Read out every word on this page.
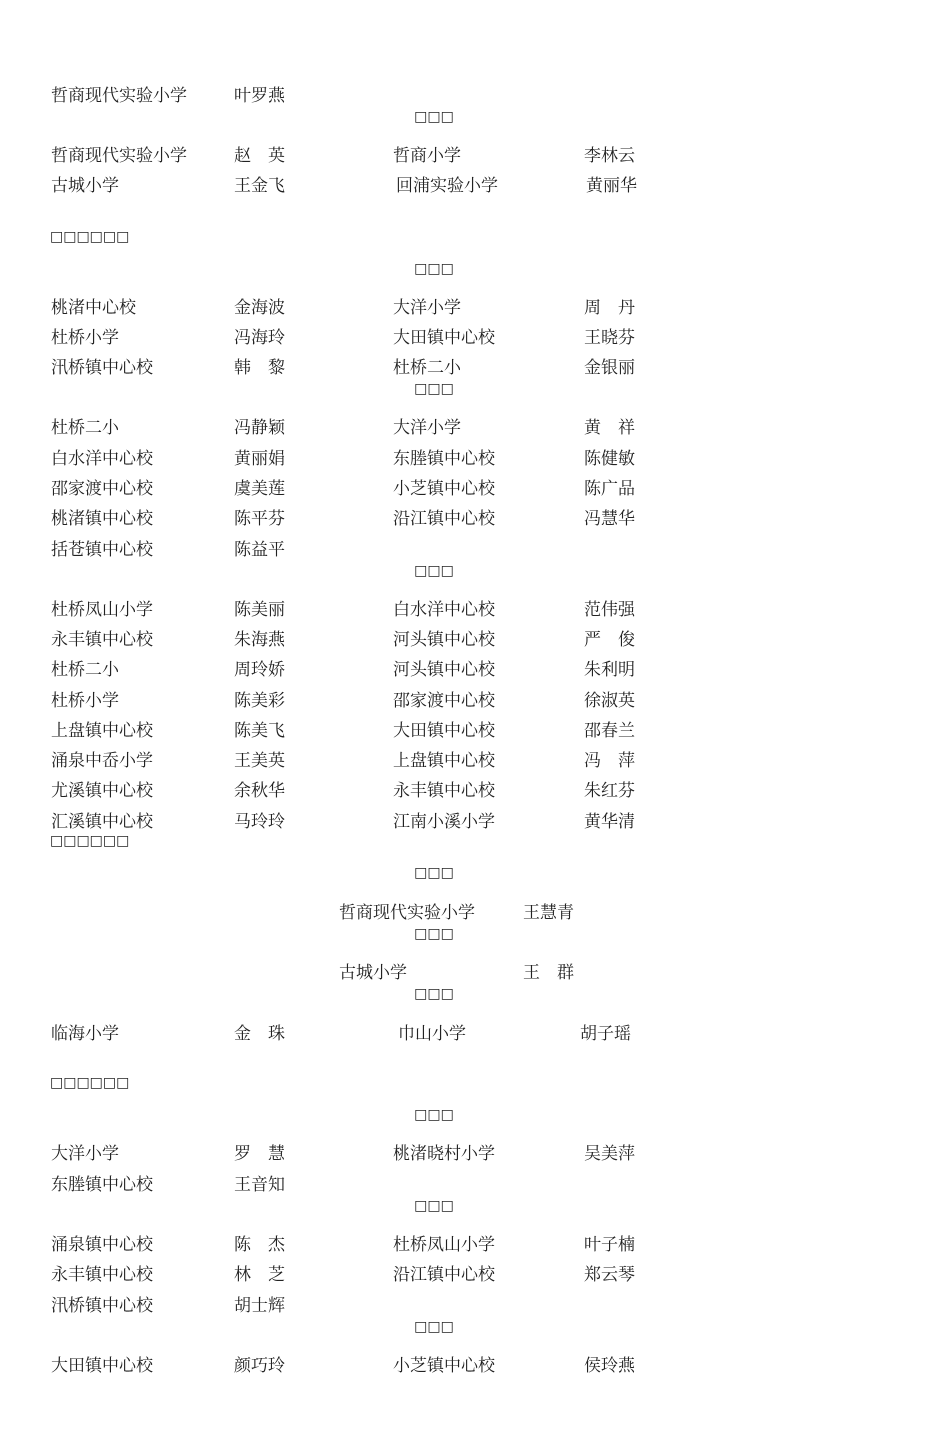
哲商现代实验小学	叶罗燕
□□□
哲商现代实验小学	赵　英	哲商小学	李林云
古城小学	王金飞	回浦实验小学	黄丽华
□□□□□□
□□□
桃渚中心校	金海波	大洋小学	周　丹
杜桥小学	冯海玲	大田镇中心校	王晓芬
汛桥镇中心校	韩　黎	杜桥二小	金银丽
□□□
杜桥二小	冯静颖	大洋小学	黄　祥
白水洋中心校	黄丽娟	东塍镇中心校	陈健敏
邵家渡中心校	虞美莲	小芝镇中心校	陈广品
桃渚镇中心校	陈平芬	沿江镇中心校	冯慧华
括苍镇中心校	陈益平
□□□
杜桥凤山小学	陈美丽	白水洋中心校	范伟强
永丰镇中心校	朱海燕	河头镇中心校	严　俊
杜桥二小	周玲娇	河头镇中心校	朱利明
杜桥小学	陈美彩	邵家渡中心校	徐淑英
上盘镇中心校	陈美飞	大田镇中心校	邵春兰
涌泉中岙小学	王美英	上盘镇中心校	冯　萍
尤溪镇中心校	余秋华	永丰镇中心校	朱红芬
汇溪镇中心校	马玲玲	江南小溪小学	黄华清
□□□□□□
□□□
哲商现代实验小学	王慧青
□□□
古城小学	王　群
□□□
临海小学	金　珠	巾山小学	胡子瑶
□□□□□□
□□□
大洋小学	罗　慧	桃渚晓村小学	吴美萍
东塍镇中心校	王音知
□□□
涌泉镇中心校	陈　杰	杜桥凤山小学	叶子楠
永丰镇中心校	林　芝	沿江镇中心校	郑云琴
汛桥镇中心校	胡士辉
□□□
大田镇中心校	颜巧玲	小芝镇中心校	侯玲燕
